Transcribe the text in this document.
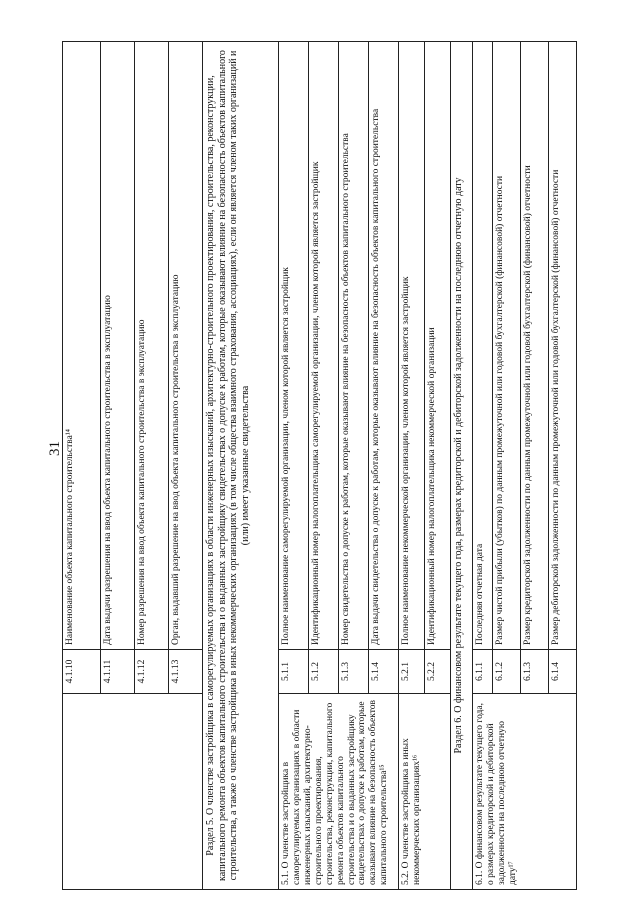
31
	4.1.10	Наименование объекта капитального строительства¹⁴
	4.1.11	Дата выдачи разрешения на ввод объекта капитального строительства в эксплуатацию
	4.1.12	Номер разрешения на ввод объекта капитального строительства в эксплуатацию
	4.1.13	Орган, выдавший разрешение на ввод объекта капитального строительства в эксплуатацию
Раздел 5. О членстве застройщика в саморегулируемых организациях в области инженерных изысканий, архитектурно-строительного проектирования, строительства, реконструкции, капитального ремонта объектов капитального строительства и о выданных застройщику свидетельствах о допуске к работам, которые оказывают влияние на безопасность объектов капитального строительства, а также о членстве застройщика в иных некоммерческих организациях (в том числе общества взаимного страхования, ассоциациях), если он является членом таких организаций и (или) имеет указанные свидетельства		
5.1. О членстве застройщика в саморегулируемых организациях в области инженерных изысканий, архитектурно-строительного проектирования, строительства, реконструкции, капитального ремонта объектов капитального строительства и о выданных застройщику свидетельствах о допуске к работам, которые оказывают влияние на безопасность объектов капитального строительства¹⁵	5.1.1	Полное наименование саморегулируемой организации, членом которой является застройщик
	5.1.2	Идентификационный номер налогоплательщика саморегулируемой организации, членом которой является застройщик
	5.1.3	Номер свидетельства о допуске к работам, которые оказывают влияние на безопасность объектов капитального строительства
	5.1.4	Дата выдачи свидетельства о допуске к работам, которые оказывают влияние на безопасность объектов капитального строительства
5.2. О членстве застройщика в иных некоммерческих организациях¹⁶	5.2.1	Полное наименование некоммерческой организации, членом которой является застройщик
	5.2.2	Идентификационный номер налогоплательщика некоммерческой организации
Раздел 6. О финансовом результате текущего года, размерах кредиторской и дебиторской задолженности на последнюю отчетную дату		
6.1. О финансовом результате текущего года, о размерах кредиторской и дебиторской задолженности на последнюю отчетную дату¹⁷	6.1.1	Последняя отчетная дата
	6.1.2	Размер чистой прибыли (убытков) по данным промежуточной или годовой бухгалтерской (финансовой) отчетности
	6.1.3	Размер кредиторской задолженности по данным промежуточной или годовой бухгалтерской (финансовой) отчетности
	6.1.4	Размер дебиторской задолженности по данным промежуточной или годовой бухгалтерской (финансовой) отчетности
